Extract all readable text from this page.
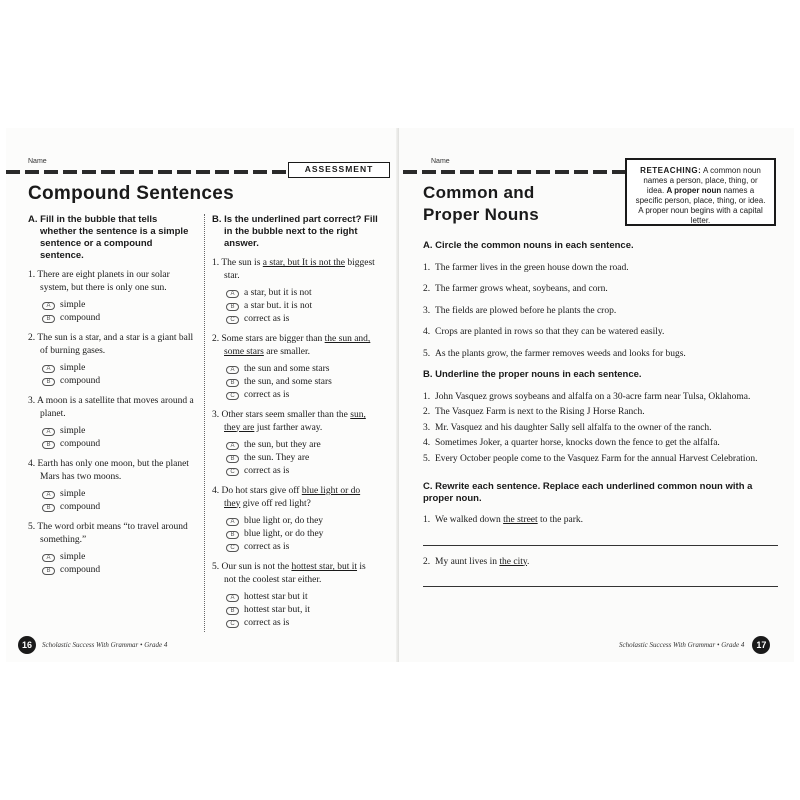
Name
ASSESSMENT
Compound Sentences
A. Fill in the bubble that tells whether the sentence is a simple sentence or a compound sentence.
1. There are eight planets in our solar system, but there is only one sun.
A	simple
B	compound
2. The sun is a star, and a star is a giant ball of burning gases.
A	simple
B	compound
3. A moon is a satellite that moves around a planet.
A	simple
B	compound
4. Earth has only one moon, but the planet Mars has two moons.
A	simple
B	compound
5. The word orbit means “to travel around something.”
A	simple
B	compound
B. Is the underlined part correct? Fill in the bubble next to the right answer.
1. The sun is a star, but It is not the biggest star.
A	a star, but it is not
B	a star but. it is not
C correct as is
2. Some stars are bigger than the sun and, some stars are smaller.
A	the sun and some stars
B	the sun, and some stars
C correct as is
3. Other stars seem smaller than the sun, they are just farther away.
A	the sun, but they are
B	the sun. They are
C correct as is
4. Do hot stars give off blue light or do they give off red light?
A	blue light or, do they
B	blue light, or do they
C correct as is
5. Our sun is not the hottest star, but it is not the coolest star either.
A	hottest star but it
B	hottest star but, it
C correct as is

16	Scholastic Success With Grammar • Grade 4
Name
Common and
Proper Nouns
RETEACHING: A common noun names a person, place, thing, or idea. A proper noun names a specific person, place, thing, or idea. A proper noun begins with a capital letter.
A. Circle the common nouns in each sentence.
1. The farmer lives in the green house down the road.
2. The farmer grows wheat, soybeans, and corn.
3. The fields are plowed before he plants the crop.
4. Crops are planted in rows so that they can be watered easily.
5. As the plants grow, the farmer removes weeds and looks for bugs.
B. Underline the proper nouns in each sentence.
1. John Vasquez grows soybeans and alfalfa on a 30-acre farm near Tulsa, Oklahoma.
2. The Vasquez Farm is next to the Rising J Horse Ranch.
3. Mr. Vasquez and his daughter Sally sell alfalfa to the owner of the ranch.
4. Sometimes Joker, a quarter horse, knocks down the fence to get the alfalfa.
5. Every October people come to the Vasquez Farm for the annual Harvest Celebration.
C. Rewrite each sentence. Replace each underlined common noun with a proper noun.
1. We walked down the street to the park.
2. My aunt lives in the city.
Scholastic Success With Grammar • Grade 4	17
